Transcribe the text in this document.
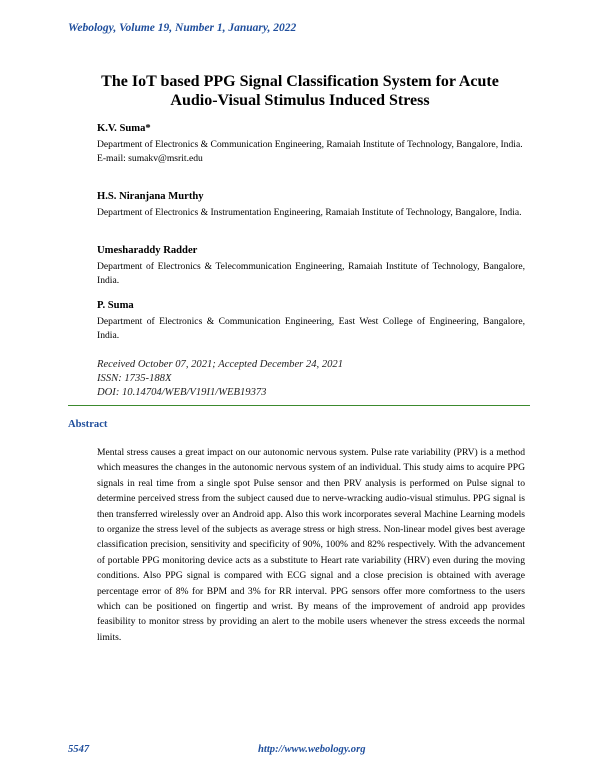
Webology, Volume 19, Number 1, January, 2022
The IoT based PPG Signal Classification System for Acute
Audio-Visual Stimulus Induced Stress
K.V. Suma*
Department of Electronics & Communication Engineering, Ramaiah Institute of Technology, Bangalore, India.
E-mail: sumakv@msrit.edu
H.S. Niranjana Murthy
Department of Electronics & Instrumentation Engineering, Ramaiah Institute of Technology, Bangalore, India.
Umesharaddy Radder
Department of Electronics & Telecommunication Engineering, Ramaiah Institute of Technology, Bangalore, India.
P. Suma
Department of Electronics & Communication Engineering, East West College of Engineering, Bangalore, India.
Received October 07, 2021; Accepted December 24, 2021
ISSN: 1735-188X
DOI: 10.14704/WEB/V19I1/WEB19373
Abstract
Mental stress causes a great impact on our autonomic nervous system. Pulse rate variability (PRV) is a method which measures the changes in the autonomic nervous system of an individual. This study aims to acquire PPG signals in real time from a single spot Pulse sensor and then PRV analysis is performed on Pulse signal to determine perceived stress from the subject caused due to nerve-wracking audio-visual stimulus. PPG signal is then transferred wirelessly over an Android app. Also this work incorporates several Machine Learning models to organize the stress level of the subjects as average stress or high stress. Non-linear model gives best average classification precision, sensitivity and specificity of 90%, 100% and 82% respectively. With the advancement of portable PPG monitoring device acts as a substitute to Heart rate variability (HRV) even during the moving conditions. Also PPG signal is compared with ECG signal and a close precision is obtained with average percentage error of 8% for BPM and 3% for RR interval. PPG sensors offer more comfortness to the users which can be positioned on fingertip and wrist. By means of the improvement of android app provides feasibility to monitor stress by providing an alert to the mobile users whenever the stress exceeds the normal limits.
5547	http://www.webology.org
